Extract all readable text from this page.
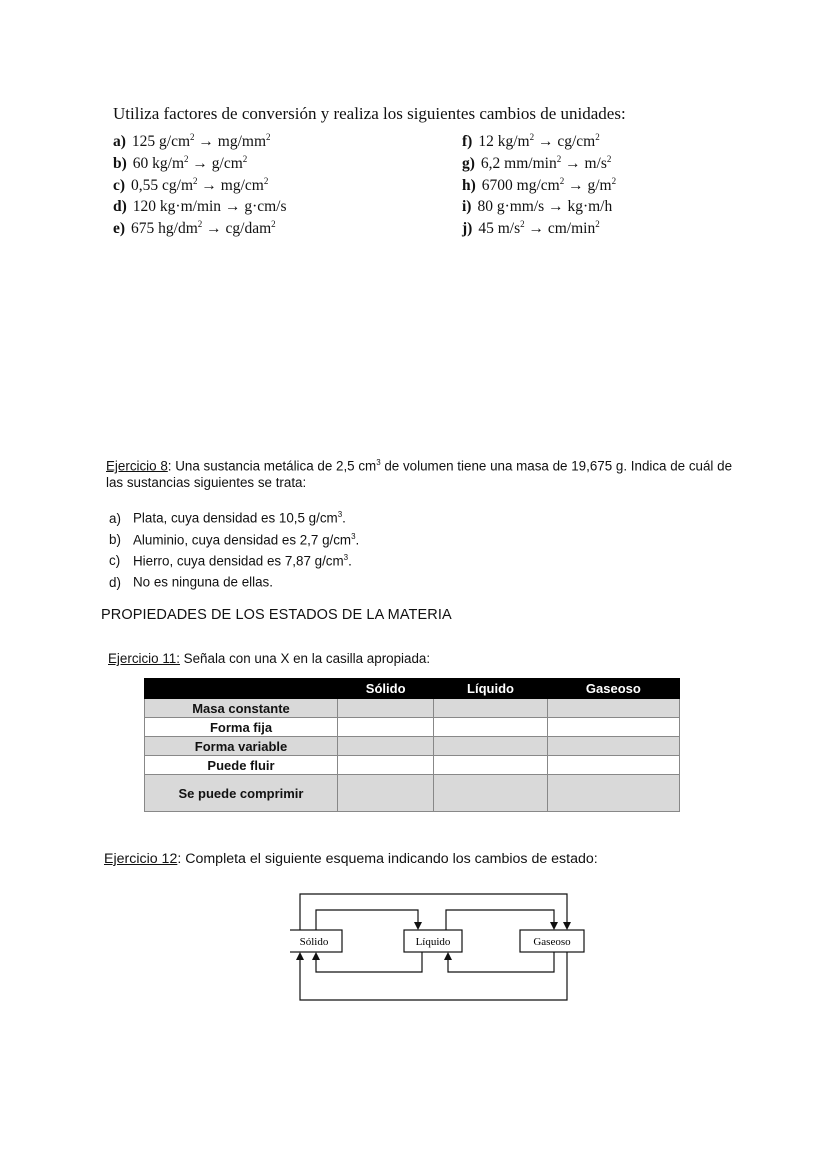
Utiliza factores de conversión y realiza los siguientes cambios de unidades:
a) 125 $g/cm^2 \to mg/mm^2$
b) 60 $kg/m^2 \to g/cm^2$
c) 0,55 $cg/m^2 \to mg/cm^2$
d) 120 kg·m/min → g·cm/s
e) 675 $hg/dm^2 \to cg/dam^2$
f) 12 $kg/m^2 \to cg/cm^2$
g) 6,2 $mm/\min^2 \to m/s^2$
h) 6700 $mg/cm^2 \to g/m^2$
i) 80 g·mm/s → kg·m/h
j) 45 $m/s^2 \to cm/\min^2$
Ejercicio 8: Una sustancia metálica de 2,5 $cm^3$ de volumen tiene una masa de 19,675 g. Indica de cuál de las sustancias siguientes se trata:
a) Plata, cuya densidad es 10,5 $g/cm^3$.
b) Aluminio, cuya densidad es 2,7 $g/cm^3$.
c) Hierro, cuya densidad es 7,87 $g/cm^3$.
d) No es ninguna de ellas.
PROPIEDADES DE LOS ESTADOS DE LA MATERIA
Ejercicio 11: Señala con una X en la casilla apropiada:
	Sólido	Líquido	Gaseoso
Masa constante			
Forma fija			
Forma variable			
Puede fluir			
Se puede comprimir			
Ejercicio 12: Completa el siguiente esquema indicando los cambios de estado:
Sólido	Líquido	Gaseoso
